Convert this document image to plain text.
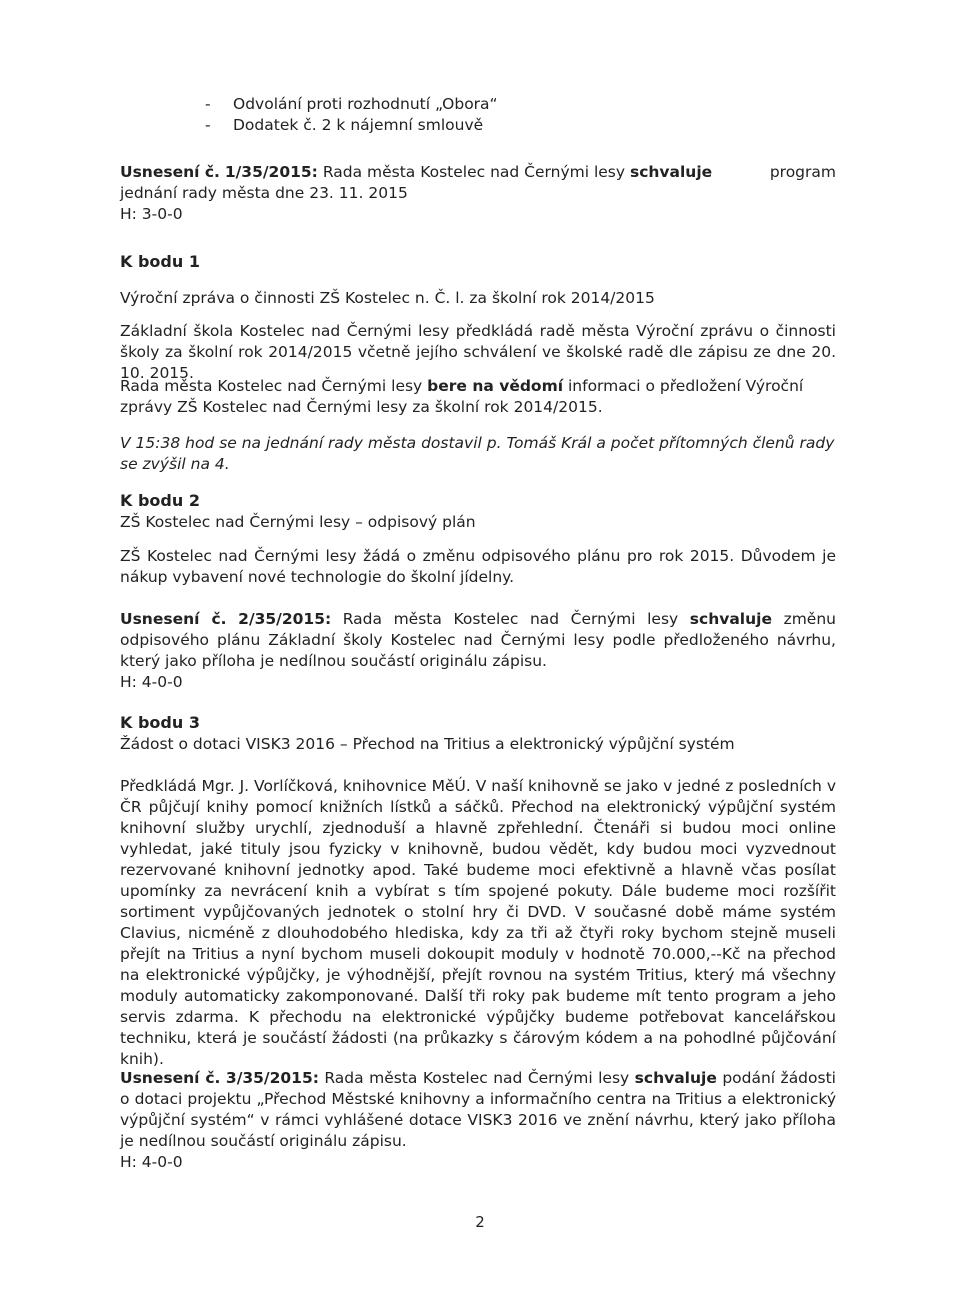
-	Odvolání proti rozhodnutí „Obora“
-	Dodatek č. 2 k nájemní smlouvě
Usnesení č. 1/35/2015: Rada města Kostelec nad Černými lesy schvaluje	program
jednání rady města dne 23. 11. 2015
H: 3-0-0
K bodu 1
Výroční zpráva o činnosti ZŠ Kostelec n. Č. l. za školní rok 2014/2015
Základní škola Kostelec nad Černými lesy předkládá radě města Výroční zprávu o činnosti školy za školní rok 2014/2015 včetně jejího schválení ve školské radě dle zápisu ze dne 20. 10. 2015.
Rada města Kostelec nad Černými lesy bere na vědomí informaci o předložení Výroční zprávy ZŠ Kostelec nad Černými lesy za školní rok 2014/2015.
V 15:38 hod se na jednání rady města dostavil p. Tomáš Král a počet přítomných členů rady se zvýšil na 4.
K bodu 2
ZŠ Kostelec nad Černými lesy – odpisový plán
ZŠ Kostelec nad Černými lesy žádá o změnu odpisového plánu pro rok 2015. Důvodem je nákup vybavení nové technologie do školní jídelny.
Usnesení č. 2/35/2015: Rada města Kostelec nad Černými lesy schvaluje změnu odpisového plánu Základní školy Kostelec nad Černými lesy podle předloženého návrhu, který jako příloha je nedílnou součástí originálu zápisu.
H: 4-0-0
K bodu 3
Žádost o dotaci VISK3 2016 – Přechod na Tritius a elektronický výpůjční systém
Předkládá Mgr. J. Vorlíčková, knihovnice MěÚ. V naší knihovně se jako v jedné z posledních v ČR půjčují knihy pomocí knižních lístků a sáčků. Přechod na elektronický výpůjční systém knihovní služby urychlí, zjednoduší a hlavně zpřehlední. Čtenáři si budou moci online vyhledat, jaké tituly jsou fyzicky v knihovně, budou vědět, kdy budou moci vyzvednout rezervované knihovní jednotky apod. Také budeme moci efektivně a hlavně včas posílat upomínky za nevrácení knih a vybírat s tím spojené pokuty. Dále budeme moci rozšířit sortiment vypůjčovaných jednotek o stolní hry či DVD. V současné době máme systém Clavius, nicméně z dlouhodobého hlediska, kdy za tři až čtyři roky bychom stejně museli přejít na Tritius a nyní bychom museli dokoupit moduly v hodnotě 70.000,--Kč na přechod na elektronické výpůjčky, je výhodnější, přejít rovnou na systém Tritius, který má všechny moduly automaticky zakomponované. Další tři roky pak budeme mít tento program a jeho servis zdarma. K přechodu na elektronické výpůjčky budeme potřebovat kancelářskou techniku, která je součástí žádosti (na průkazky s čárovým kódem a na pohodlné půjčování knih).
Usnesení č. 3/35/2015: Rada města Kostelec nad Černými lesy schvaluje podání žádosti o dotaci projektu „Přechod Městské knihovny a informačního centra na Tritius a elektronický výpůjční systém“ v rámci vyhlášené dotace VISK3 2016 ve znění návrhu, který jako příloha je nedílnou součástí originálu zápisu.
H: 4-0-0
2
